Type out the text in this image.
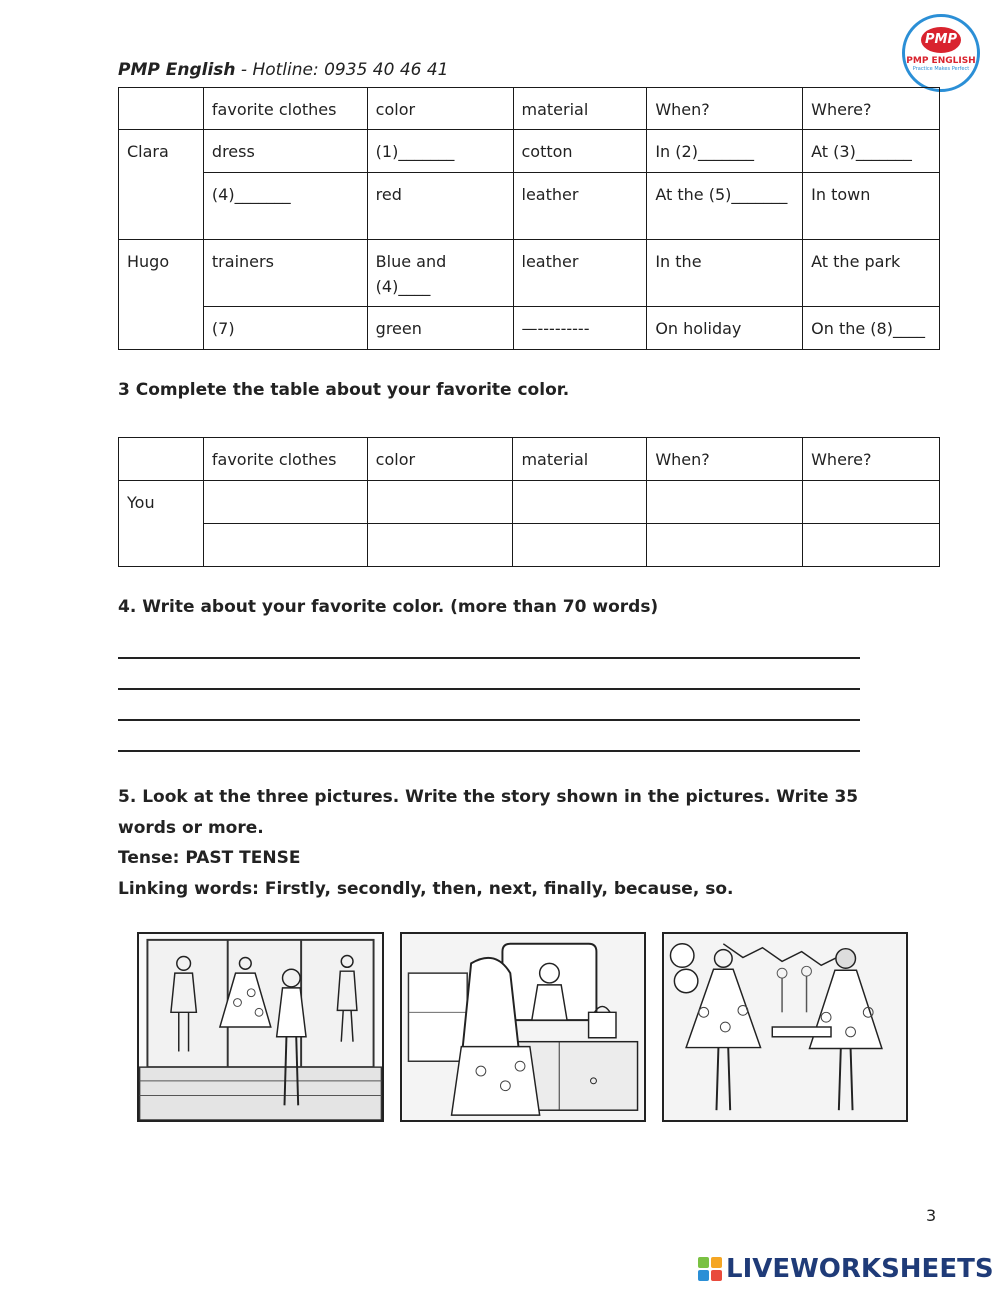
PMP English - Hotline: 0935 40 46 41
PMP
PMP ENGLISH
Practice Makes Perfect
	favorite clothes	color	material	When?	Where?
Clara	dress	(1)_______	cotton	In (2)_______	At (3)_______
	(4)_______	red	leather	At the (5)_______	In town
Hugo	trainers	Blue and (4)____	leather	In the	At the park
	(7)	green	—---------	On holiday	On the (8)____
3 Complete the table about your favorite color.
	favorite clothes	color	material	When?	Where?
You					

4. Write about your favorite color. (more than 70 words)
5. Look at the three pictures. Write the story shown in the pictures. Write 35 words or more.
Tense: PAST TENSE
Linking words: Firstly, secondly, then, next, finally, because, so.
3
LIVEWORKSHEETS
